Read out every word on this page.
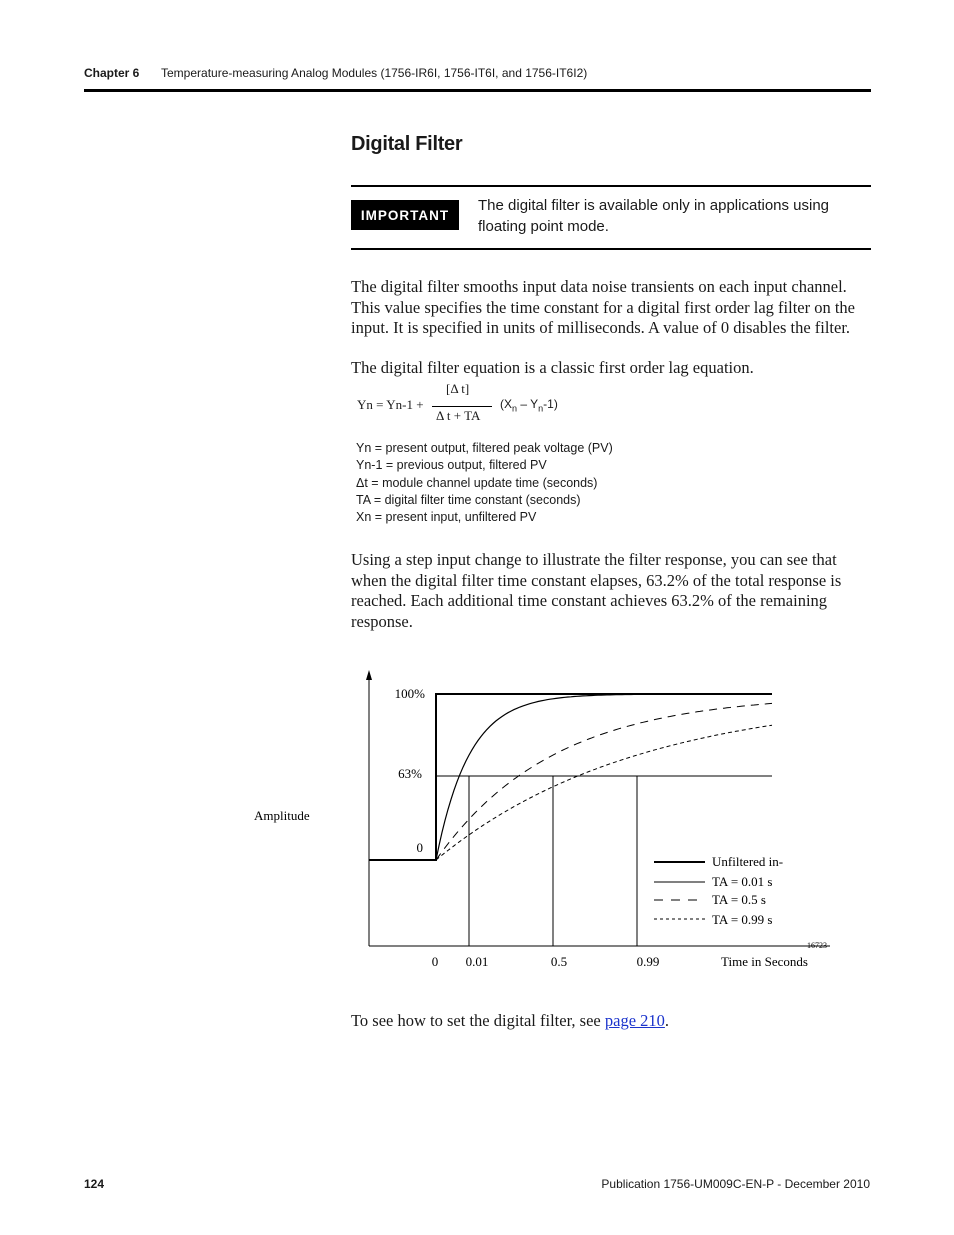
Chapter 6 Temperature-measuring Analog Modules (1756-IR6I, 1756-IT6I, and 1756-IT6I2)
Digital Filter
IMPORTANT
The digital filter is available only in applications using floating point mode.
The digital filter smooths input data noise transients on each input channel. This value specifies the time constant for a digital first order lag filter on the input. It is specified in units of milliseconds. A value of 0 disables the filter.
The digital filter equation is a classic first order lag equation.
Yn = Yn-1 +
[Δ t]
Δ t + TA
$(X_n - Y_n-1)$
Yn = present output, filtered peak voltage (PV)
Yn-1 = previous output, filtered PV
Δt = module channel update time (seconds)
TA = digital filter time constant (seconds)
Xn = present input, unfiltered PV
Using a step input change to illustrate the filter response, you can see that when the digital filter time constant elapses, 63.2% of the total response is reached. Each additional time constant achieves 63.2% of the remaining response.
100%
63%
0
Amplitude
0 0.01	0.5	0.99	Time in Seconds
Unfiltered in-
TA = 0.01 s
TA = 0.5 s
TA = 0.99 s
16723
To see how to set the digital filter, see page 210.
124	Publication 1756-UM009C-EN-P - December 2010
